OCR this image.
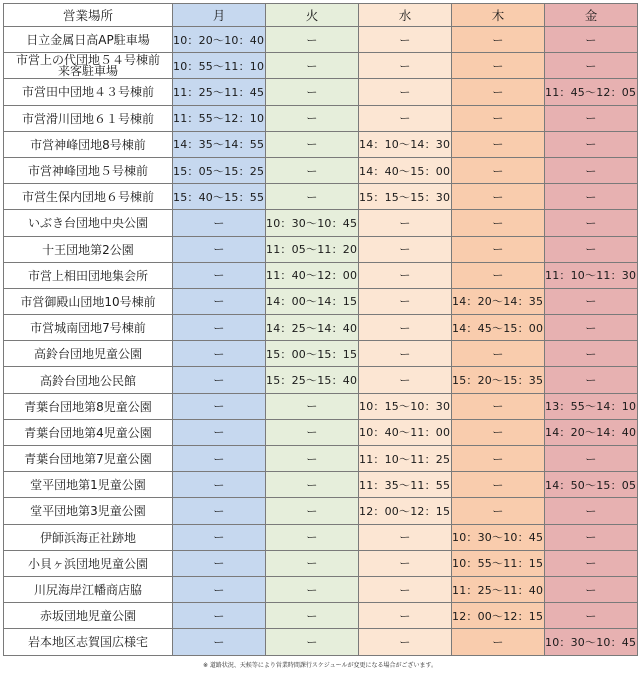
営業場所	月	火	水	木	金
日立金属日高AP駐車場	10：20〜10：40	ー	ー	ー	ー
市営上の代団地５４号棟前
来客駐車場	10：55〜11：10	ー	ー	ー	ー
市営田中団地４３号棟前	11：25〜11：45	ー	ー	ー	11：45〜12：05
市営滑川団地６１号棟前	11：55〜12：10	ー	ー	ー	ー
市営神峰団地8号棟前	14：35〜14：55	ー	14：10〜14：30	ー	ー
市営神峰団地５号棟前	15：05〜15：25	ー	14：40〜15：00	ー	ー
市営生保内団地６号棟前	15：40〜15：55	ー	15：15〜15：30	ー	ー
いぶき台団地中央公園	ー	10：30〜10：45	ー	ー	ー
十王団地第2公園	ー	11：05〜11：20	ー	ー	ー
市営上相田団地集会所	ー	11：40〜12：00	ー	ー	11：10〜11：30
市営御殿山団地10号棟前	ー	14：00〜14：15	ー	14：20〜14：35	ー
市営城南団地7号棟前	ー	14：25〜14：40	ー	14：45〜15：00	ー
高鈴台団地児童公園	ー	15：00〜15：15	ー	ー	ー
高鈴台団地公民館	ー	15：25〜15：40	ー	15：20〜15：35	ー
青葉台団地第8児童公園	ー	ー	10：15〜10：30	ー	13：55〜14：10
青葉台団地第4児童公園	ー	ー	10：40〜11：00	ー	14：20〜14：40
青葉台団地第7児童公園	ー	ー	11：10〜11：25	ー	ー
堂平団地第1児童公園	ー	ー	11：35〜11：55	ー	14：50〜15：05
堂平団地第3児童公園	ー	ー	12：00〜12：15	ー	ー
伊師浜海正社跡地	ー	ー	ー	10：30〜10：45	ー
小貝ヶ浜団地児童公園	ー	ー	ー	10：55〜11：15	ー
川尻海岸江幡商店脇	ー	ー	ー	11：25〜11：40	ー
赤坂団地児童公園	ー	ー	ー	12：00〜12：15	ー
岩本地区志賀国広様宅	ー	ー	ー	ー	10：30〜10：45
※ 道路状況、天候等により営業時間課行スケジュールが変更になる場合がございます。
